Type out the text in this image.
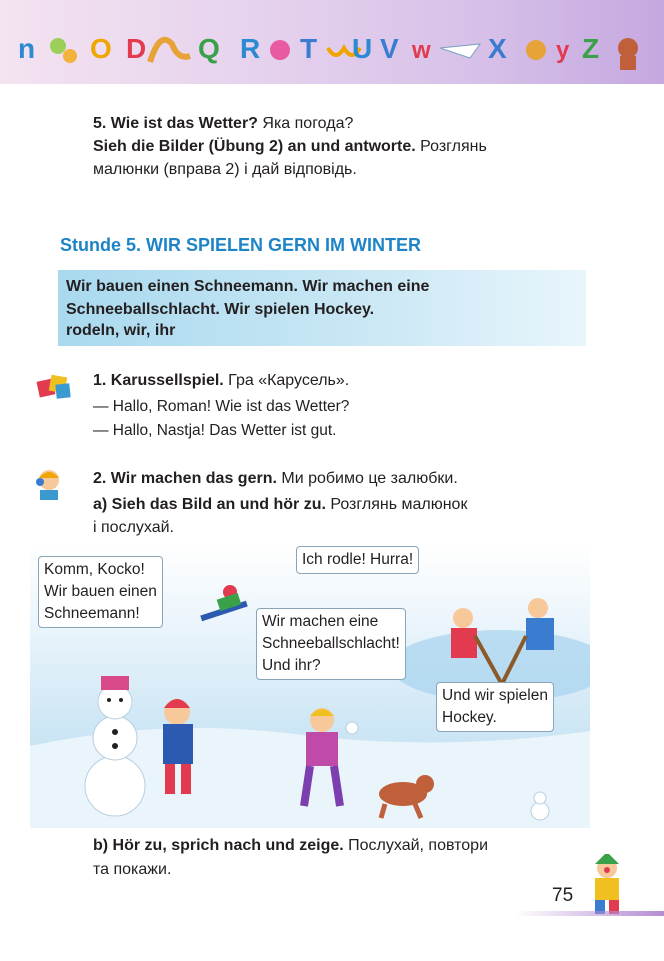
n O D Q R T U V w X y Z
5. Wie ist das Wetter? Яка погода?
Sieh die Bilder (Übung 2) an und antworte. Розглянь
малюнки (вправа 2) і дай відповідь.
Stunde 5. WIR SPIELEN GERN IM WINTER
Wir bauen einen Schneemann. Wir machen eine
Schneeballschlacht. Wir spielen Hockey.
rodeln, wir, ihr
1. Karussellspiel. Гра «Карусель».
— Hallo, Roman! Wie ist das Wetter?
— Hallo, Nastja! Das Wetter ist gut.
2. Wir machen das gern. Ми робимо це залюбки.
a) Sieh das Bild an und hör zu. Розглянь малюнок
і послухай.
Ich rodle! Hurra!
Komm, Kocko!
Wir bauen einen
Schneemann!	Wir machen eine
Schneeballschlacht!
Und ihr?
Und wir spielen
Hockey.
b) Hör zu, sprich nach und zeige. Послухай, повтори
та покажи.
75
